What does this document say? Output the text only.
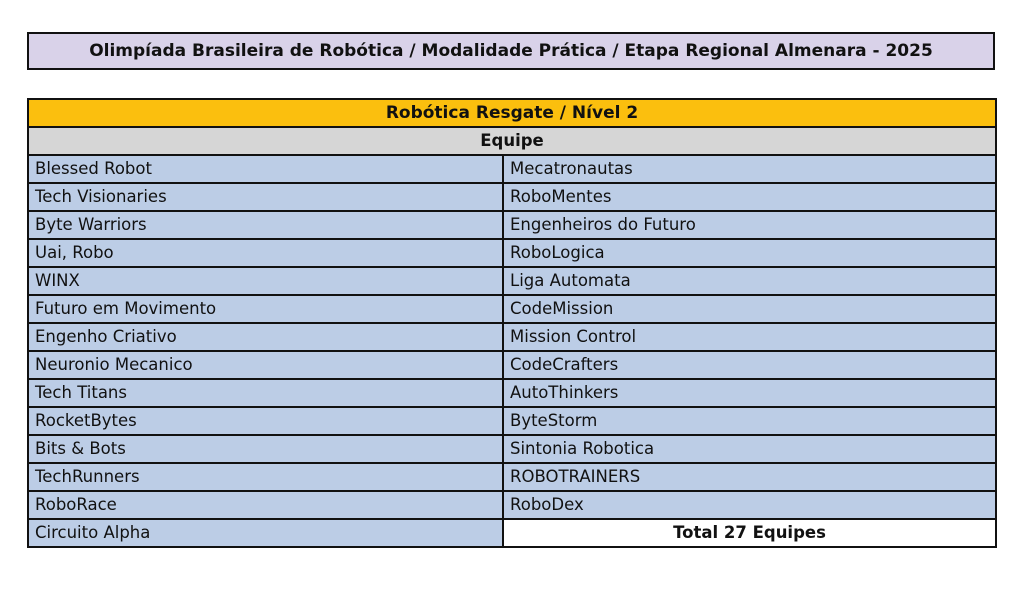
Olimpíada Brasileira de Robótica / Modalidade Prática / Etapa Regional Almenara - 2025
Robótica Resgate / Nível 2	
Equipe	
Blessed Robot	Mecatronautas
Tech Visionaries	RoboMentes
Byte Warriors	Engenheiros do Futuro
Uai, Robo	RoboLogica
WINX	Liga Automata
Futuro em Movimento	CodeMission
Engenho Criativo	Mission Control
Neuronio Mecanico	CodeCrafters
Tech Titans	AutoThinkers
RocketBytes	ByteStorm
Bits & Bots	Sintonia Robotica
TechRunners	ROBOTRAINERS
RoboRace	RoboDex
Circuito Alpha	Total 27 Equipes
